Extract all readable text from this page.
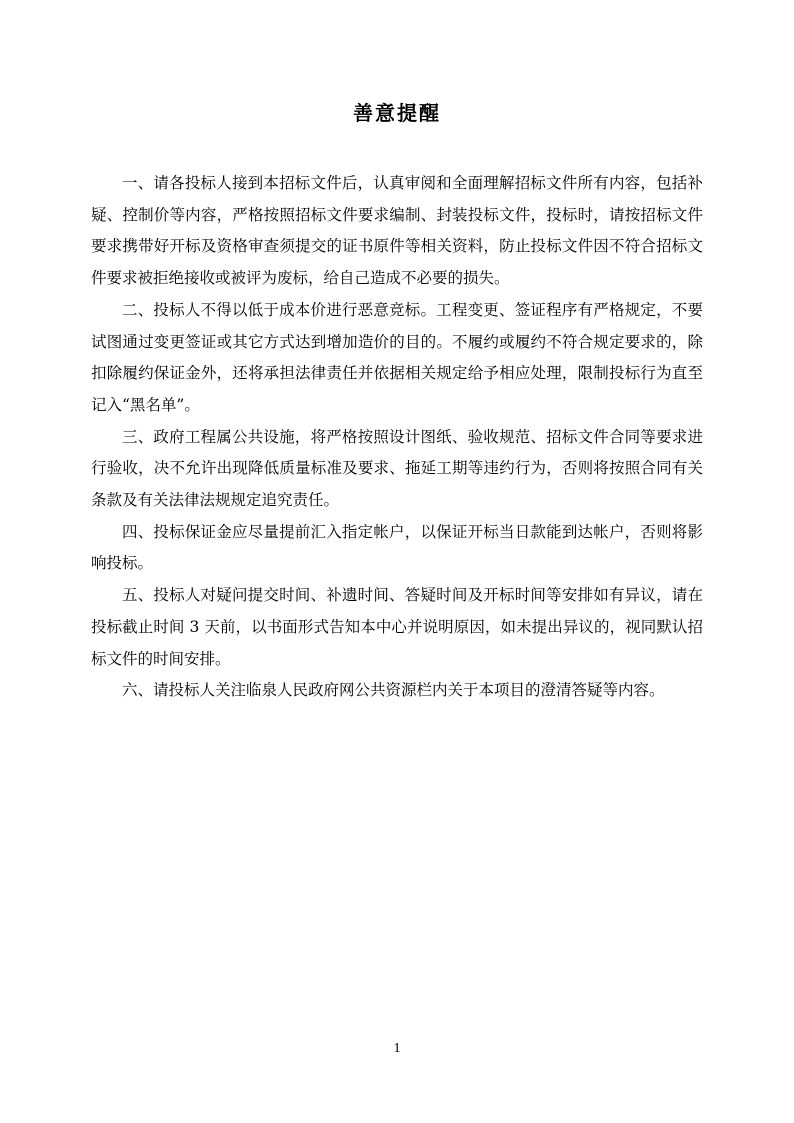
善意提醒

一、请各投标人接到本招标文件后，认真审阅和全面理解招标文件所有内容，包括补疑、控制价等内容，严格按照招标文件要求编制、封装投标文件，投标时，请按招标文件要求携带好开标及资格审查须提交的证书原件等相关资料，防止投标文件因不符合招标文件要求被拒绝接收或被评为废标，给自己造成不必要的损失。

二、投标人不得以低于成本价进行恶意竞标。工程变更、签证程序有严格规定，不要试图通过变更签证或其它方式达到增加造价的目的。不履约或履约不符合规定要求的，除扣除履约保证金外，还将承担法律责任并依据相关规定给予相应处理，限制投标行为直至记入“黑名单”。

三、政府工程属公共设施，将严格按照设计图纸、验收规范、招标文件合同等要求进行验收，决不允许出现降低质量标准及要求、拖延工期等违约行为，否则将按照合同有关条款及有关法律法规规定追究责任。

四、投标保证金应尽量提前汇入指定帐户，以保证开标当日款能到达帐户，否则将影响投标。

五、投标人对疑问提交时间、补遗时间、答疑时间及开标时间等安排如有异议，请在投标截止时间 3 天前，以书面形式告知本中心并说明原因，如未提出异议的，视同默认招标文件的时间安排。

六、请投标人关注临泉人民政府网公共资源栏内关于本项目的澄清答疑等内容。

1
